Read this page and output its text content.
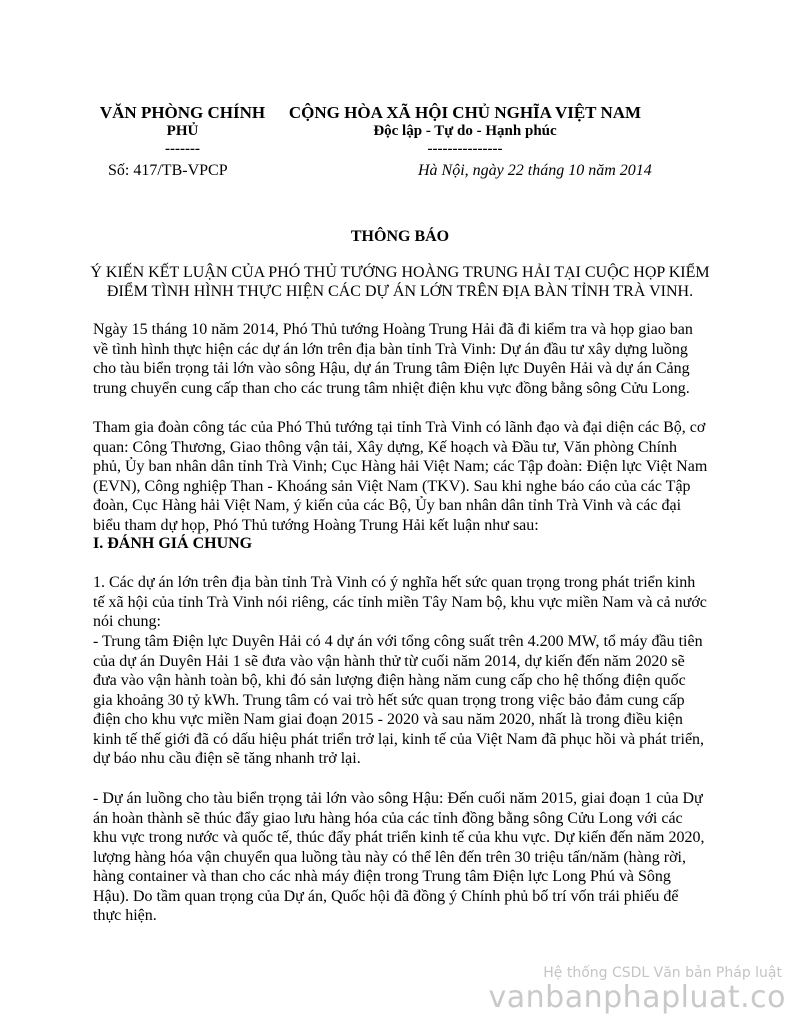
VĂN PHÒNG CHÍNH
PHỦ
-------
CỘNG HÒA XÃ HỘI CHỦ NGHĨA VIỆT NAM
Độc lập - Tự do - Hạnh phúc
---------------
Số: 417/TB-VPCP	Hà Nội, ngày 22 tháng 10 năm 2014
THÔNG BÁO
Ý KIẾN KẾT LUẬN CỦA PHÓ THỦ TƯỚNG HOÀNG TRUNG HẢI TẠI CUỘC HỌP KIỂM ĐIỂM TÌNH HÌNH THỰC HIỆN CÁC DỰ ÁN LỚN TRÊN ĐỊA BÀN TỈNH TRÀ VINH.

Ngày 15 tháng 10 năm 2014, Phó Thủ tướng Hoàng Trung Hải đã đi kiểm tra và họp giao ban về tình hình thực hiện các dự án lớn trên địa bàn tỉnh Trà Vinh: Dự án đầu tư xây dựng luồng cho tàu biển trọng tải lớn vào sông Hậu, dự án Trung tâm Điện lực Duyên Hải và dự án Cảng trung chuyển cung cấp than cho các trung tâm nhiệt điện khu vực đồng bằng sông Cửu Long.

Tham gia đoàn công tác của Phó Thủ tướng tại tỉnh Trà Vinh có lãnh đạo và đại diện các Bộ, cơ quan: Công Thương, Giao thông vận tải, Xây dựng, Kế hoạch và Đầu tư, Văn phòng Chính phủ, Ủy ban nhân dân tỉnh Trà Vinh; Cục Hàng hải Việt Nam; các Tập đoàn: Điện lực Việt Nam (EVN), Công nghiệp Than - Khoáng sản Việt Nam (TKV). Sau khi nghe báo cáo của các Tập đoàn, Cục Hàng hải Việt Nam, ý kiến của các Bộ, Ủy ban nhân dân tỉnh Trà Vinh và các đại biểu tham dự họp, Phó Thủ tướng Hoàng Trung Hải kết luận như sau:

I. ĐÁNH GIÁ CHUNG

1. Các dự án lớn trên địa bàn tỉnh Trà Vinh có ý nghĩa hết sức quan trọng trong phát triển kinh tế xã hội của tỉnh Trà Vinh nói riêng, các tỉnh miền Tây Nam bộ, khu vực miền Nam và cả nước nói chung:

- Trung tâm Điện lực Duyên Hải có 4 dự án với tổng công suất trên 4.200 MW, tổ máy đầu tiên của dự án Duyên Hải 1 sẽ đưa vào vận hành thử từ cuối năm 2014, dự kiến đến năm 2020 sẽ đưa vào vận hành toàn bộ, khi đó sản lượng điện hàng năm cung cấp cho hệ thống điện quốc gia khoảng 30 tỷ kWh. Trung tâm có vai trò hết sức quan trọng trong việc bảo đảm cung cấp điện cho khu vực miền Nam giai đoạn 2015 - 2020 và sau năm 2020, nhất là trong điều kiện kinh tế thế giới đã có dấu hiệu phát triển trở lại, kinh tế của Việt Nam đã phục hồi và phát triển, dự báo nhu cầu điện sẽ tăng nhanh trở lại.

- Dự án luồng cho tàu biển trọng tải lớn vào sông Hậu: Đến cuối năm 2015, giai đoạn 1 của Dự án hoàn thành sẽ thúc đẩy giao lưu hàng hóa của các tỉnh đồng bằng sông Cửu Long với các khu vực trong nước và quốc tế, thúc đẩy phát triển kinh tế của khu vực. Dự kiến đến năm 2020, lượng hàng hóa vận chuyển qua luồng tàu này có thể lên đến trên 30 triệu tấn/năm (hàng rời, hàng container và than cho các nhà máy điện trong Trung tâm Điện lực Long Phú và Sông Hậu). Do tầm quan trọng của Dự án, Quốc hội đã đồng ý Chính phủ bố trí vốn trái phiếu để thực hiện.

Hệ thống CSDL Văn bản Pháp luật
vanbanphapluat.co
